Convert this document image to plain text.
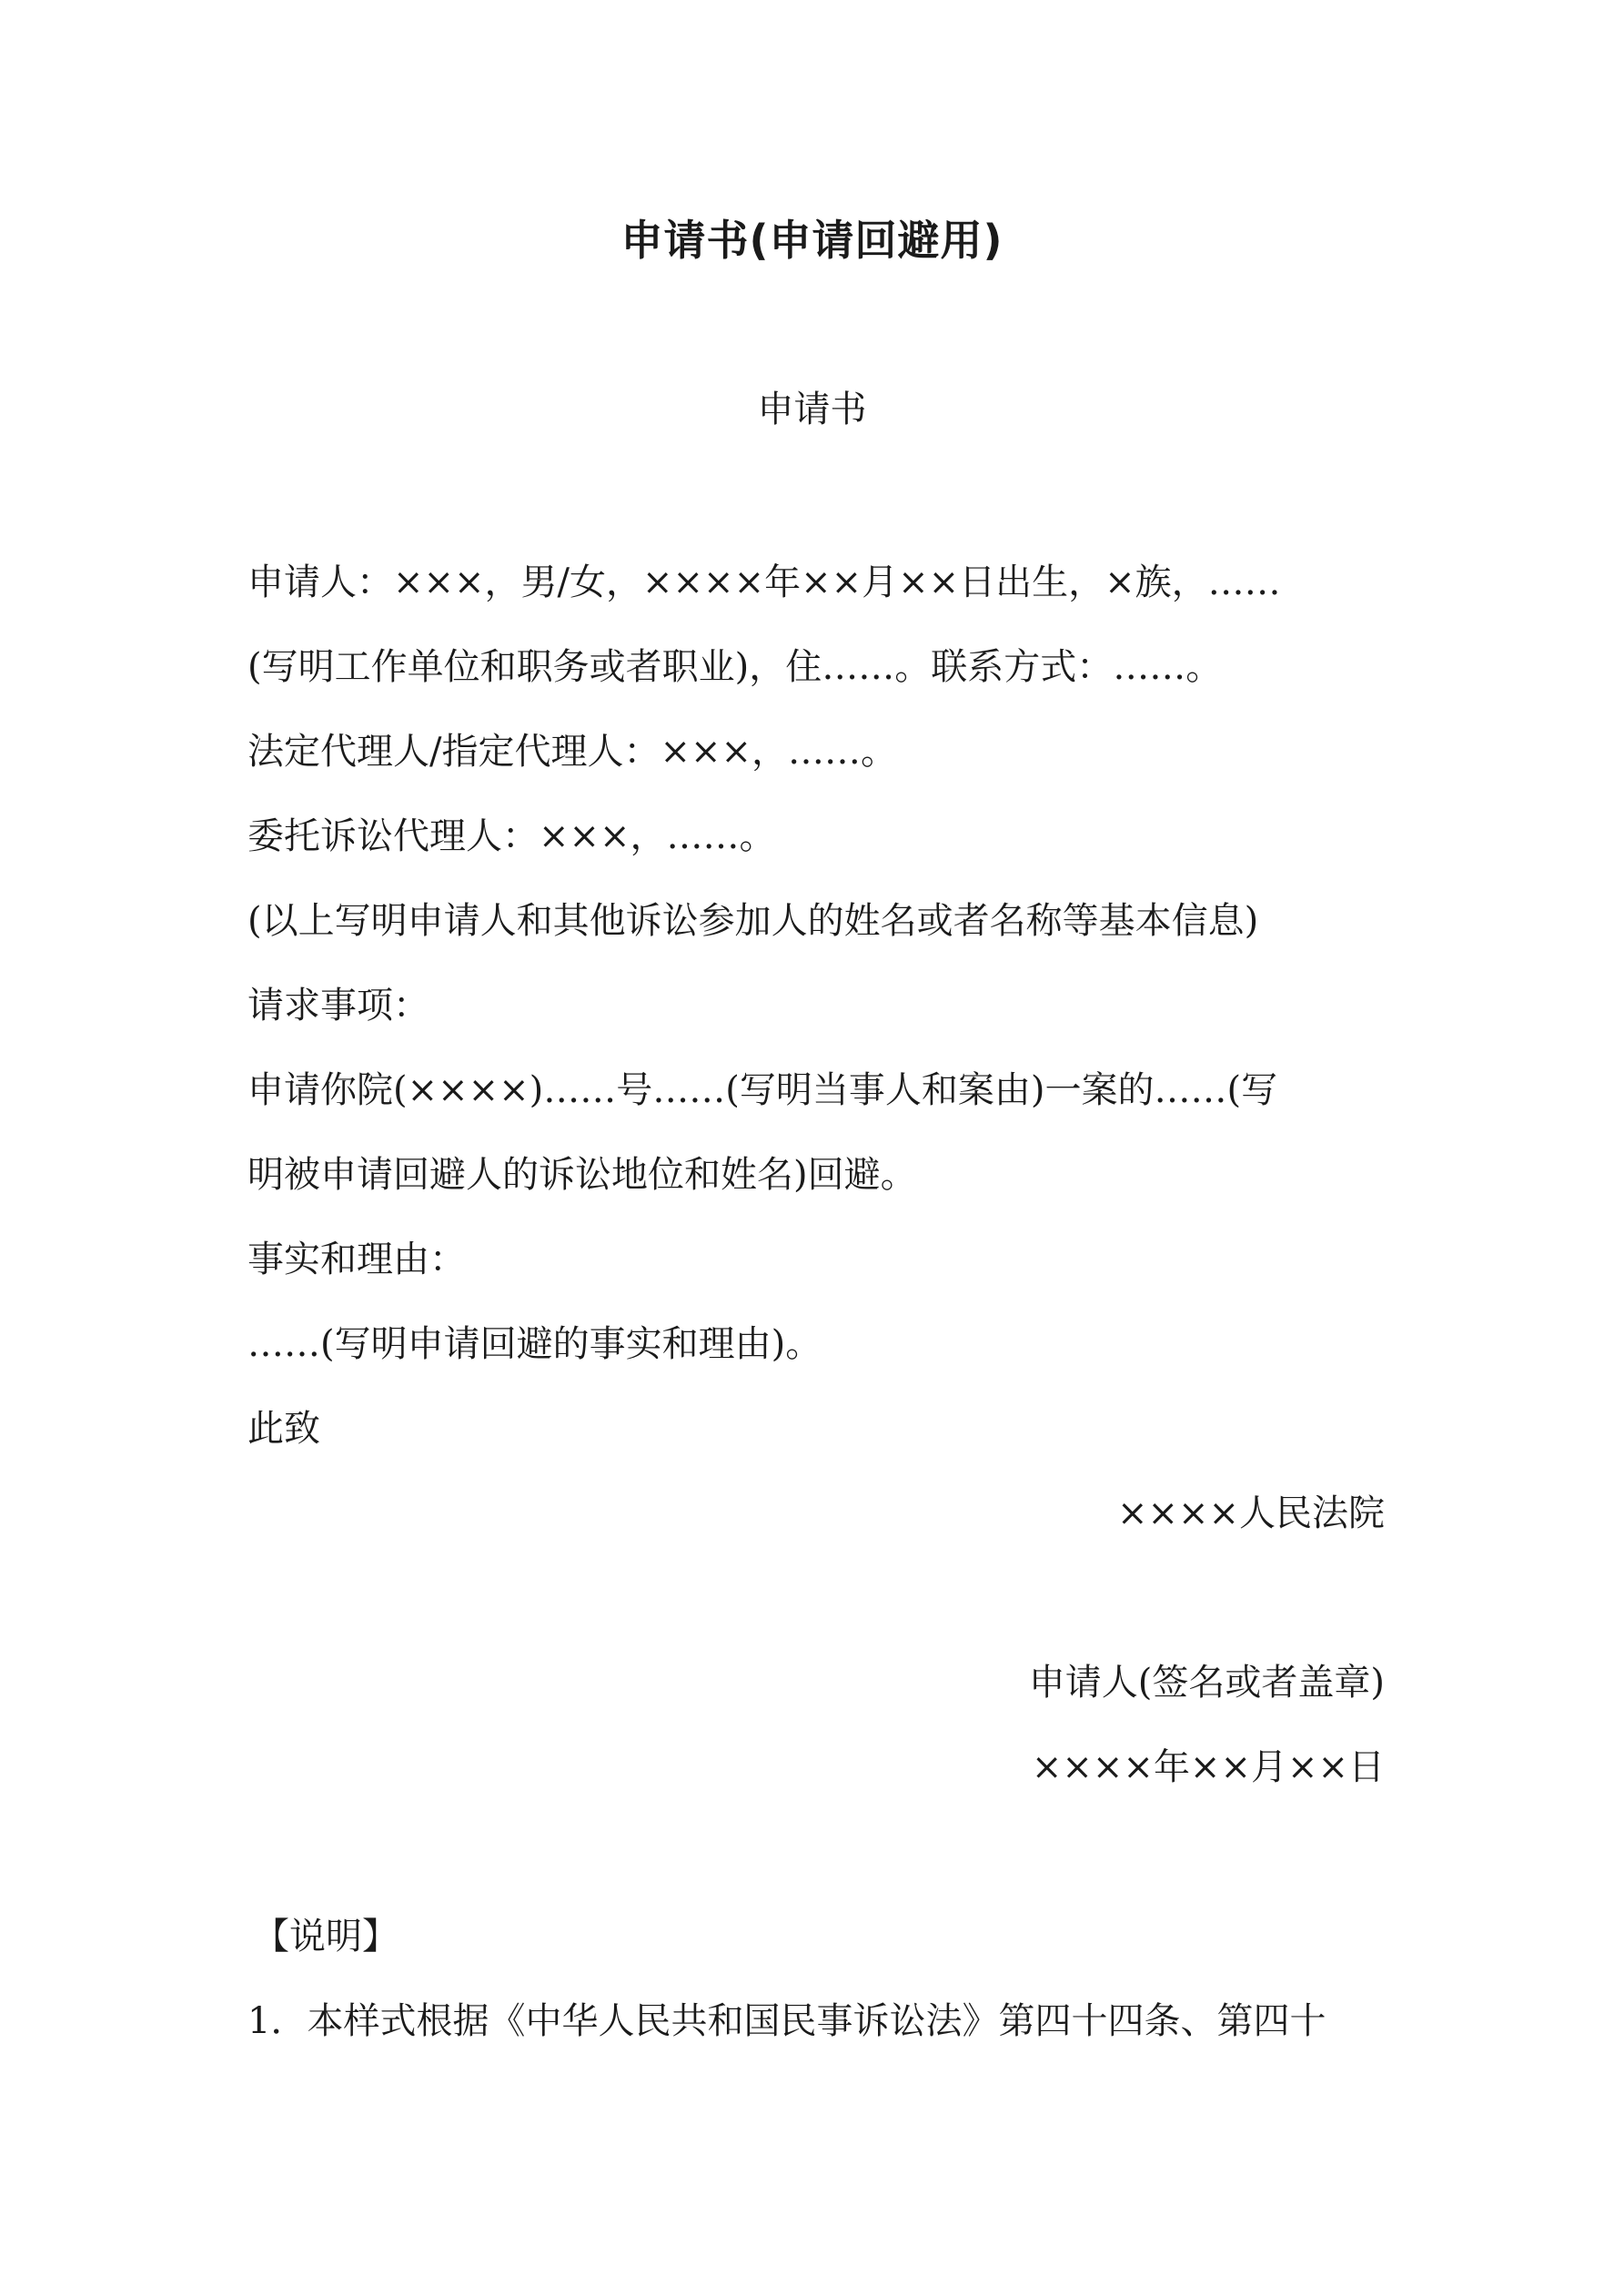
申请书(申请回避用)
申请书
申请人：×××，男/女，××××年××月××日出生，×族，……
(写明工作单位和职务或者职业)，住……。联系方式：……。
法定代理人/指定代理人：×××，……。
委托诉讼代理人：×××，……。
(以上写明申请人和其他诉讼参加人的姓名或者名称等基本信息)
请求事项：
申请你院(××××)……号……(写明当事人和案由)一案的……(写
明被申请回避人的诉讼地位和姓名)回避。
事实和理由：
……(写明申请回避的事实和理由)。
此致
××××人民法院
申请人(签名或者盖章)
××××年××月××日
【说明】
1．本样式根据《中华人民共和国民事诉讼法》第四十四条、第四十
